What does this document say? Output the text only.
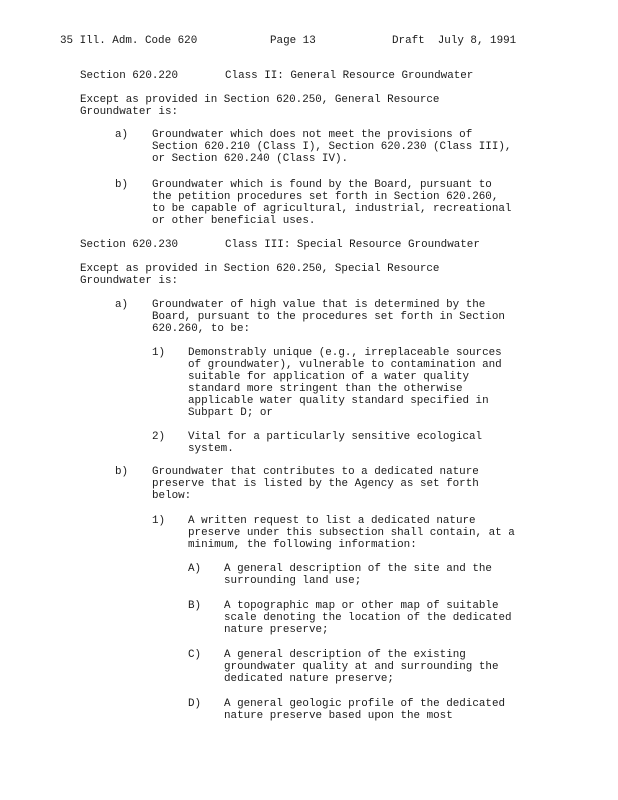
35 Ill. Adm. Code 620	Page 13	Draft  July 8, 1991
Section 620.220	Class II: General Resource Groundwater
Except as provided in Section 620.250, General Resource
Groundwater is:
a) Groundwater which does not meet the provisions of
Section 620.210 (Class I), Section 620.230 (Class III),
or Section 620.240 (Class IV).
b) Groundwater which is found by the Board, pursuant to
the petition procedures set forth in Section 620.260,
to be capable of agricultural, industrial, recreational
or other beneficial uses.
Section 620.230	Class III: Special Resource Groundwater
Except as provided in Section 620.250, Special Resource
Groundwater is:
a) Groundwater of high value that is determined by the
Board, pursuant to the procedures set forth in Section
620.260, to be:
1) Demonstrably unique (e.g., irreplaceable sources
of groundwater), vulnerable to contamination and
suitable for application of a water quality
standard more stringent than the otherwise
applicable water quality standard specified in
Subpart D; or
2) Vital for a particularly sensitive ecological
system.
b) Groundwater that contributes to a dedicated nature
preserve that is listed by the Agency as set forth
below:
1) A written request to list a dedicated nature
preserve under this subsection shall contain, at a
minimum, the following information:
A) A general description of the site and the
surrounding land use;
B) A topographic map or other map of suitable
scale denoting the location of the dedicated
nature preserve;
C) A general description of the existing
groundwater quality at and surrounding the
dedicated nature preserve;
D) A general geologic profile of the dedicated
nature preserve based upon the most
